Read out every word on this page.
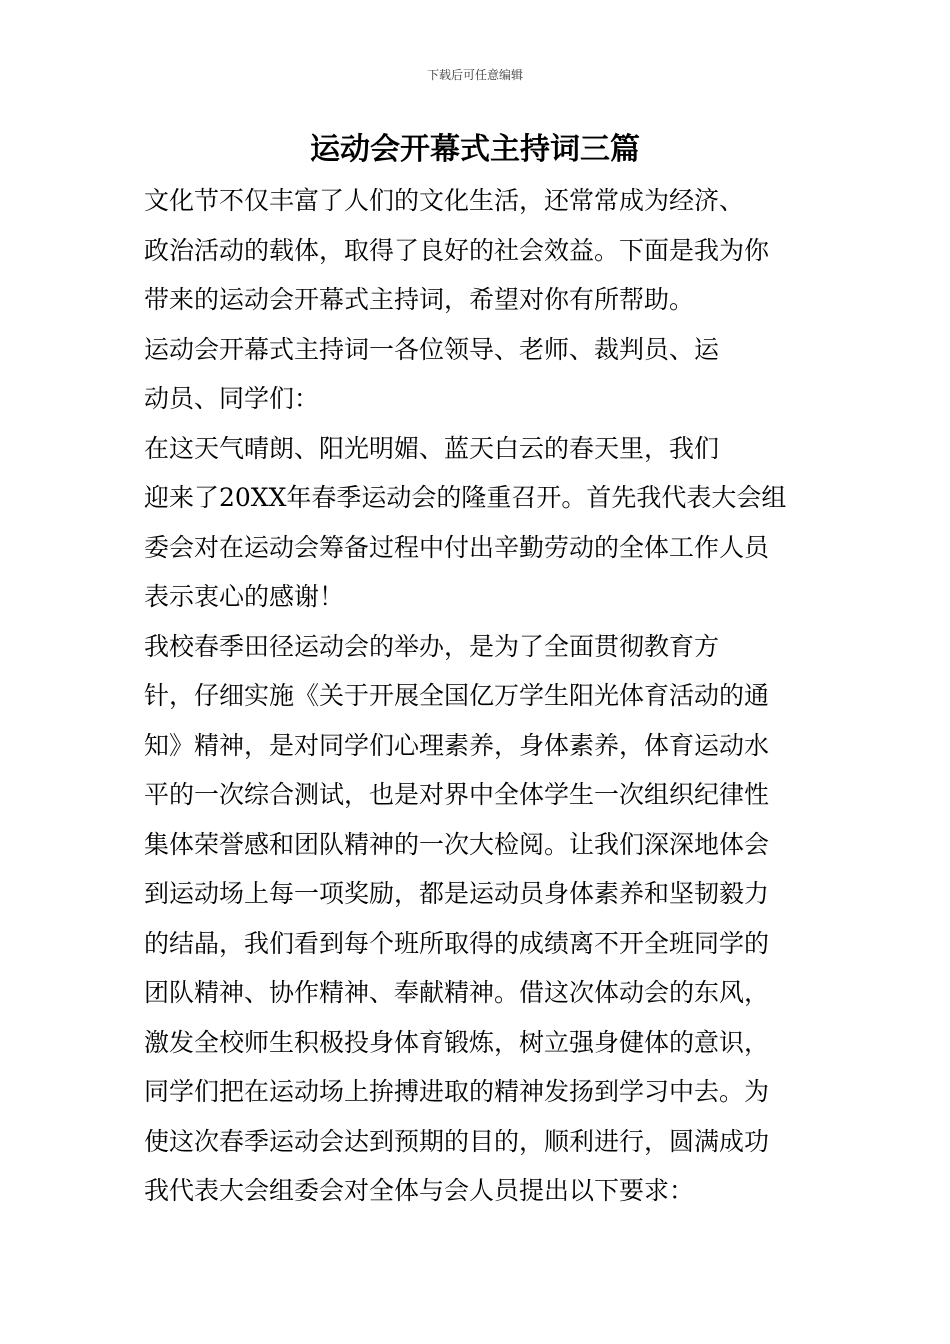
下载后可任意编辑
运动会开幕式主持词三篇

文化节不仅丰富了人们的文化生活，还常常成为经济、
政治活动的载体，取得了良好的社会效益。下面是我为你
带来的运动会开幕式主持词，希望对你有所帮助。

运动会开幕式主持词一各位领导、老师、裁判员、运
动员、同学们：

在这天气晴朗、阳光明媚、蓝天白云的春天里，我们
迎来了20XX年春季运动会的隆重召开。首先我代表大会组
委会对在运动会筹备过程中付出辛勤劳动的全体工作人员
表示衷心的感谢！

我校春季田径运动会的举办，是为了全面贯彻教育方
针，仔细实施《关于开展全国亿万学生阳光体育活动的通
知》精神，是对同学们心理素养，身体素养，体育运动水
平的一次综合测试，也是对界中全体学生一次组织纪律性
集体荣誉感和团队精神的一次大检阅。让我们深深地体会
到运动场上每一项奖励，都是运动员身体素养和坚韧毅力
的结晶，我们看到每个班所取得的成绩离不开全班同学的
团队精神、协作精神、奉献精神。借这次体动会的东风，
激发全校师生积极投身体育锻炼，树立强身健体的意识，
同学们把在运动场上拚搏进取的精神发扬到学习中去。为
使这次春季运动会达到预期的目的，顺利进行，圆满成功
我代表大会组委会对全体与会人员提出以下要求：
